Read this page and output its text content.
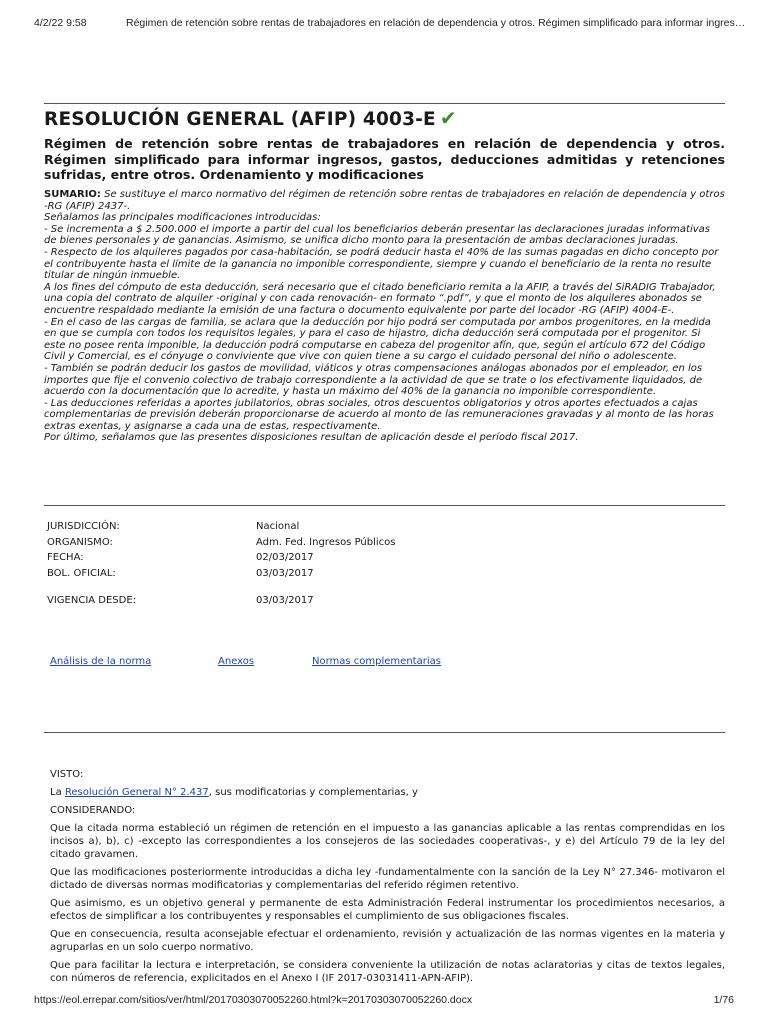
4/2/22 9:58	Régimen de retención sobre rentas de trabajadores en relación de dependencia y otros. Régimen simplificado para informar ingres…
RESOLUCIÓN GENERAL (AFIP) 4003-E ✔
Régimen de retención sobre rentas de trabajadores en relación de dependencia y otros. Régimen simplificado para informar ingresos, gastos, deducciones admitidas y retenciones sufridas, entre otros. Ordenamiento y modificaciones

SUMARIO: Se sustituye el marco normativo del régimen de retención sobre rentas de trabajadores en relación de dependencia y otros -RG (AFIP) 2437-.

Señalamos las principales modificaciones introducidas:

- Se incrementa a $ 2.500.000 el importe a partir del cual los beneficiarios deberán presentar las declaraciones juradas informativas de bienes personales y de ganancias. Asimismo, se unifica dicho monto para la presentación de ambas declaraciones juradas.

- Respecto de los alquileres pagados por casa-habitación, se podrá deducir hasta el 40% de las sumas pagadas en dicho concepto por el contribuyente hasta el límite de la ganancia no imponible correspondiente, siempre y cuando el beneficiario de la renta no resulte titular de ningún inmueble.

A los fines del cómputo de esta deducción, será necesario que el citado beneficiario remita a la AFIP, a través del SiRADIG Trabajador, una copia del contrato de alquiler -original y con cada renovación- en formato “.pdf”, y que el monto de los alquileres abonados se encuentre respaldado mediante la emisión de una factura o documento equivalente por parte del locador -RG (AFIP) 4004-E-.

- En el caso de las cargas de familia, se aclara que la deducción por hijo podrá ser computada por ambos progenitores, en la medida en que se cumpla con todos los requisitos legales, y para el caso de hijastro, dicha deducción será computada por el progenitor. Si este no posee renta imponible, la deducción podrá computarse en cabeza del progenitor afín, que, según el artículo 672 del Código Civil y Comercial, es el cónyuge o conviviente que vive con quien tiene a su cargo el cuidado personal del niño o adolescente.

- También se podrán deducir los gastos de movilidad, viáticos y otras compensaciones análogas abonados por el empleador, en los importes que fije el convenio colectivo de trabajo correspondiente a la actividad de que se trate o los efectivamente liquidados, de acuerdo con la documentación que lo acredite, y hasta un máximo del 40% de la ganancia no imponible correspondiente.

- Las deducciones referidas a aportes jubilatorios, obras sociales, otros descuentos obligatorios y otros aportes efectuados a cajas complementarias de previsión deberán proporcionarse de acuerdo al monto de las remuneraciones gravadas y al monto de las horas extras exentas, y asignarse a cada una de estas, respectivamente.

Por último, señalamos que las presentes disposiciones resultan de aplicación desde el período fiscal 2017.

JURISDICCIÓN:	Nacional
ORGANISMO:	Adm. Fed. Ingresos Públicos
FECHA:	02/03/2017
BOL. OFICIAL:	03/03/2017
VIGENCIA DESDE:	03/03/2017
Análisis de la norma	Anexos	Normas complementarias

VISTO:

La Resolución General N° 2.437, sus modificatorias y complementarias, y

CONSIDERANDO:

Que la citada norma estableció un régimen de retención en el impuesto a las ganancias aplicable a las rentas comprendidas en los incisos a), b), c) -excepto las correspondientes a los consejeros de las sociedades cooperativas-, y e) del Artículo 79 de la ley del citado gravamen.

Que las modificaciones posteriormente introducidas a dicha ley -fundamentalmente con la sanción de la Ley N° 27.346- motivaron el dictado de diversas normas modificatorias y complementarias del referido régimen retentivo.

Que asimismo, es un objetivo general y permanente de esta Administración Federal instrumentar los procedimientos necesarios, a efectos de simplificar a los contribuyentes y responsables el cumplimiento de sus obligaciones fiscales.

Que en consecuencia, resulta aconsejable efectuar el ordenamiento, revisión y actualización de las normas vigentes en la materia y agruparlas en un solo cuerpo normativo.

Que para facilitar la lectura e interpretación, se considera conveniente la utilización de notas aclaratorias y citas de textos legales, con números de referencia, explicitados en el Anexo I (IF 2017-03031411-APN-AFIP).

https://eol.errepar.com/sitios/ver/html/20170303070052260.html?k=20170303070052260.docx	1/76
